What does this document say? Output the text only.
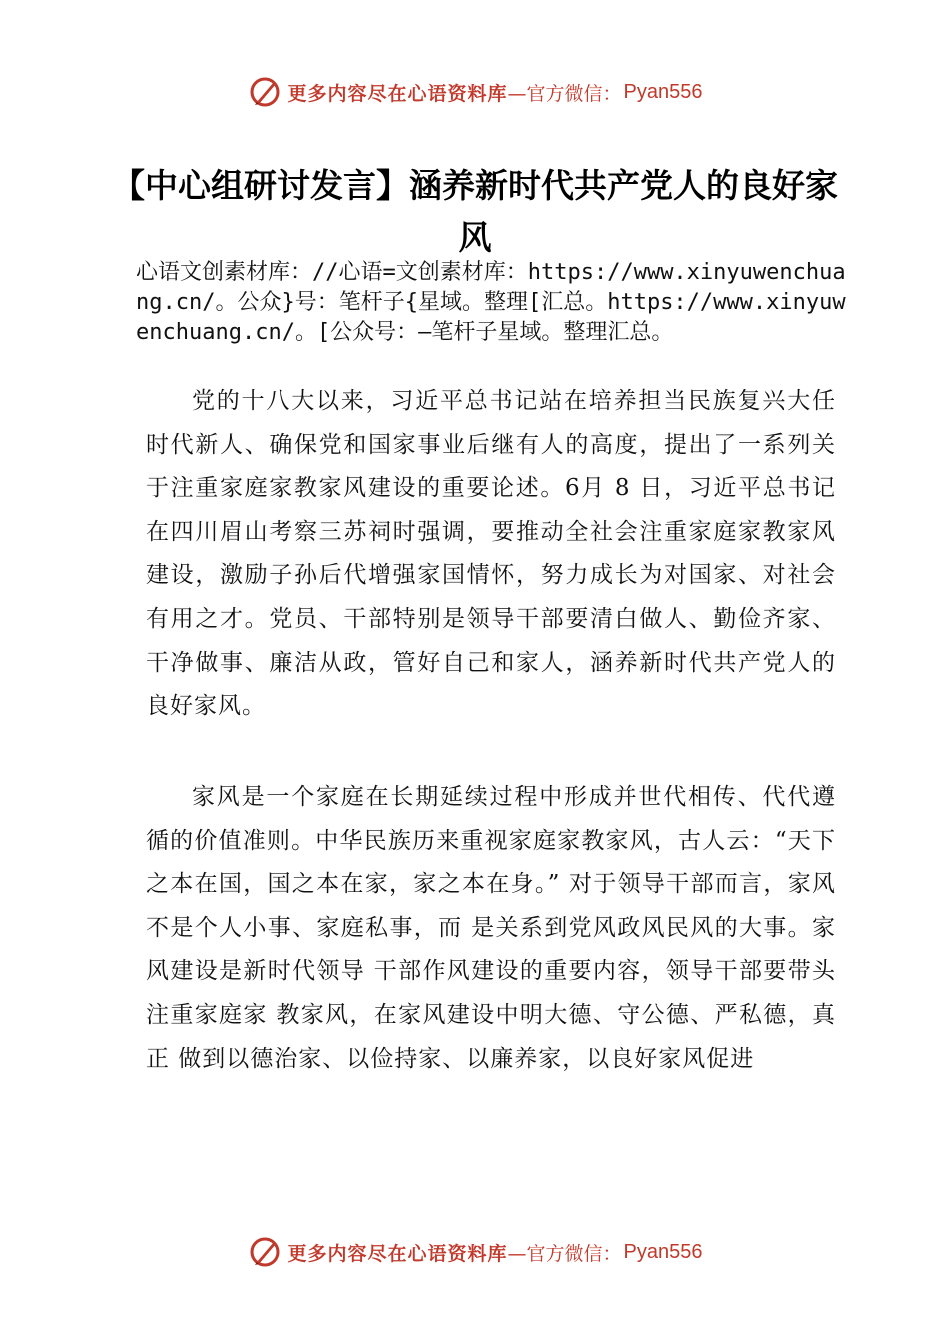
更多内容尽在心语资料库 —官方微信： Pyan556
【中心组研讨发言】涵养新时代共产党人的良好家风

心语文创素材库：//心语=文创素材库：https://www.xinyuwenchuang.cn/。公众}号：笔杆子{星域。整理[汇总。https://www.xinyuwenchuang.cn/。[公众号：—笔杆子星域。整理汇总。

党的十八大以来，习近平总书记站在培养担当民族复兴大任时代新人、确保党和国家事业后继有人的高度，提出了一系列关于注重家庭家教家风建设的重要论述。6月 8 日，习近平总书记在四川眉山考察三苏祠时强调，要推动全社会注重家庭家教家风建设，激励子孙后代增强家国情怀，努力成长为对国家、对社会有用之才。党员、干部特别是领导干部要清白做人、勤俭齐家、干净做事、廉洁从政，管好自己和家人，涵养新时代共产党人的良好家风。

家风是一个家庭在长期延续过程中形成并世代相传、代代遵循的价值准则。中华民族历来重视家庭家教家风，古人云：“天下之本在国，国之本在家，家之本在身。” 对于领导干部而言，家风不是个人小事、家庭私事，而 是关系到党风政风民风的大事。家风建设是新时代领导 干部作风建设的重要内容，领导干部要带头注重家庭家 教家风，在家风建设中明大德、守公德、严私德，真正 做到以德治家、以俭持家、以廉养家，以良好家风促进

更多内容尽在心语资料库 —官方微信： Pyan556
